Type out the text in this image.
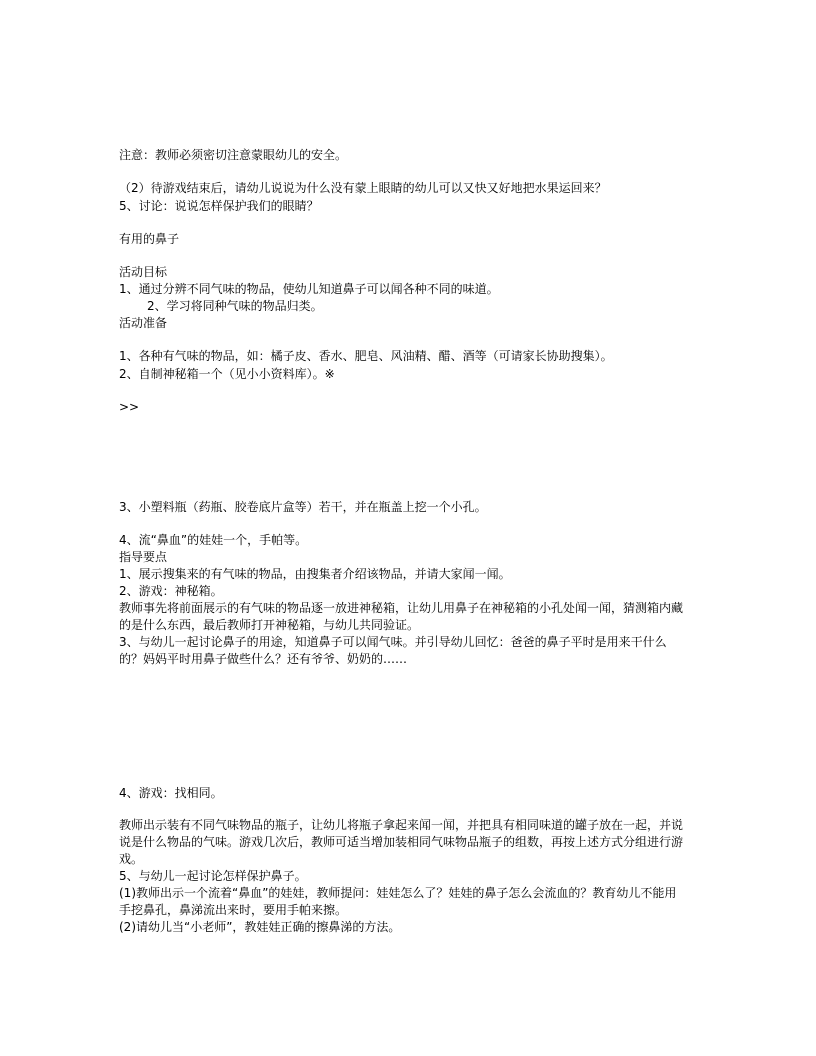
注意：教师必须密切注意蒙眼幼儿的安全。
（2）待游戏结束后，请幼儿说说为什么没有蒙上眼睛的幼儿可以又快又好地把水果运回来？
5、讨论：说说怎样保护我们的眼睛？
有用的鼻子
活动目标
1、通过分辨不同气味的物品，使幼儿知道鼻子可以闻各种不同的味道。
2、学习将同种气味的物品归类。
活动准备
1、各种有气味的物品，如：橘子皮、香水、肥皂、风油精、醋、酒等（可请家长协助搜集）。
2、自制神秘箱一个（见小小资料库）。※
>>
3、小塑料瓶（药瓶、胶卷底片盒等）若干，并在瓶盖上挖一个小孔。
4、流“鼻血”的娃娃一个，手帕等。
指导要点
1、展示搜集来的有气味的物品，由搜集者介绍该物品，并请大家闻一闻。
2、游戏：神秘箱。
教师事先将前面展示的有气味的物品逐一放进神秘箱，让幼儿用鼻子在神秘箱的小孔处闻一闻，猜测箱内藏的是什么东西，最后教师打开神秘箱，与幼儿共同验证。
3、与幼儿一起讨论鼻子的用途，知道鼻子可以闻气味。并引导幼儿回忆：爸爸的鼻子平时是用来干什么的？妈妈平时用鼻子做些什么？还有爷爷、奶奶的……
4、游戏：找相同。
教师出示装有不同气味物品的瓶子，让幼儿将瓶子拿起来闻一闻，并把具有相同味道的罐子放在一起，并说说是什么物品的气味。游戏几次后，教师可适当增加装相同气味物品瓶子的组数，再按上述方式分组进行游戏。
5、与幼儿一起讨论怎样保护鼻子。
(1)教师出示一个流着“鼻血”的娃娃，教师提问：娃娃怎么了？娃娃的鼻子怎么会流血的？教育幼儿不能用手挖鼻孔，鼻涕流出来时，要用手帕来擦。
(2)请幼儿当“小老师”，教娃娃正确的擦鼻涕的方法。
